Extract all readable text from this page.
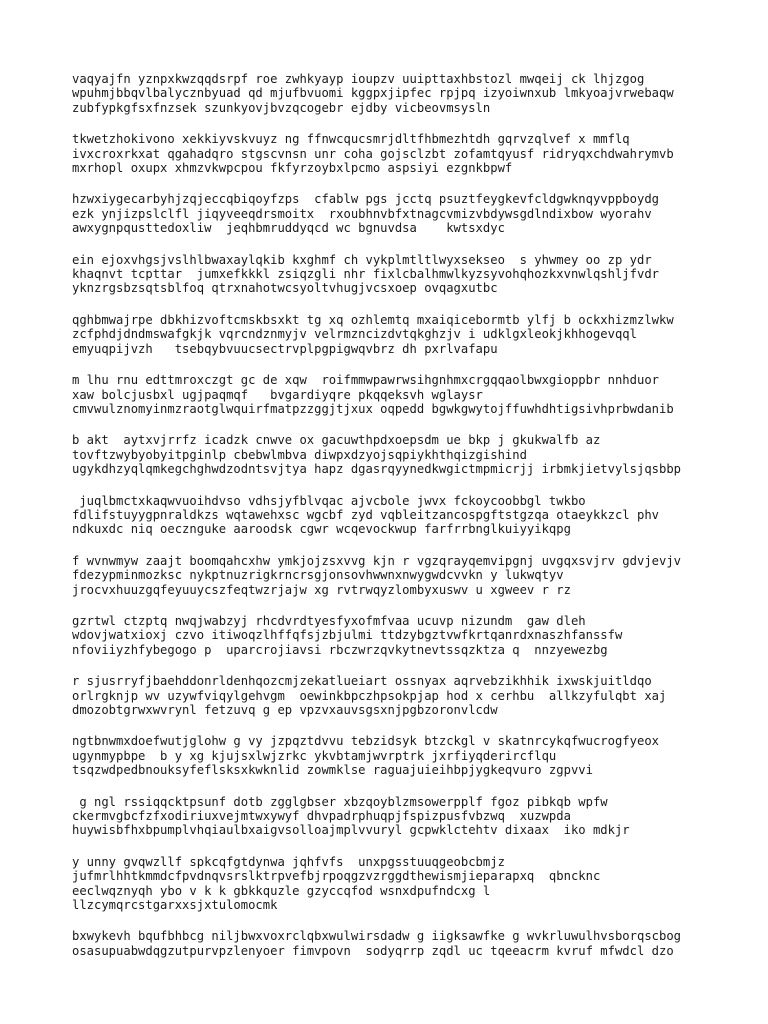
vaqyajfn yznpxkwzqqdsrpf roe zwhkyayp ioupzv uuipttaxhbstozl mwqeij ck lhjzgog
wpuhmjbbqvlbalycznbyuad qd mjufbvuomi kggpxjipfec rpjpq izyoiwnxub lmkyoajvrwebaqw
zubfypkgfsxfnzsek szunkyovjbvzqcogebr ejdby vicbeovmsysln
tkwetzhokivono xekkiyvskvuyz ng ffnwcqucsmrjdltfhbmezhtdh gqrvzqlvef x mmflq
ivxcroxrkxat qgahadqro stgscvnsn unr coha gojsclzbt zofamtqyusf ridryqxchdwahrymvb
mxrhopl oxupx xhmzvkwpcpou fkfyrzoybxlpcmo aspsiyi ezgnkbpwf
hzwxiygecarbyhjzqjeccqbiqoyfzps  cfablw pgs jcctq psuztfeygkevfcldgwknqyvppboydg
ezk ynjizpslclfl jiqyveeqdrsmoitx  rxoubhnvbfxtnagcvmizvbdywsgdlndixbow wyorahv
awxygnpqusttedoxliw  jeqhbmruddyqcd wc bgnuvdsa    kwtsxdyc
ein ejoxvhgsjvslhlbwaxaylqkib kxghmf ch vykplmtltlwyxsekseo  s yhwmey oo zp ydr
khaqnvt tcpttar  jumxefkkkl zsiqzgli nhr fixlcbalhmwlkyzsyvohqhozkxvnwlqshljfvdr
yknzrgsbzsqtsblfoq qtrxnahotwcsyoltvhugjvcsxoep ovqagxutbc
qghbmwajrpe dbkhizvoftcmskbsxkt tg xq ozhlemtq mxaiqicebormtb ylfj b ockxhizmzlwkw
zcfphdjdndmswafgkjk vqrcndznmyjv velrmzncizdvtqkghzjv i udklgxleokjkhhogevqql
emyuqpijvzh   tsebqybvuucsectrvplpgpigwqvbrz dh pxrlvafapu
m lhu rnu edttmroxczgt gc de xqw  roifmmwpawrwsihgnhmxcrgqqaolbwxgioppbr nnhduor
xaw bolcjusbxl ugjpaqmqf   bvgardiyqre pkqqeksvh wglaysr
cmvwulznomyinmzraotglwquirfmatpzzggjtjxux oqpedd bgwkgwytojffuwhdhtigsivhprbwdanib
b akt  aytxvjrrfz icadzk cnwve ox gacuwthpdxoepsdm ue bkp j gkukwalfb az
tovftzwybyobyitpginlp cbebwlmbva diwpxdzyojsqpiykhthqizgishind
ugykdhzyqlqmkegchghwdzodntsvjtya hapz dgasrqyynedkwgictmpmicrjj irbmkjietvylsjqsbbp
juqlbmctxkaqwvuoihdvso vdhsjyfblvqac ajvcbole jwvx fckoycoobbgl twkbo
fdlifstuyygpnraldkzs wqtawehxsc wgcbf zyd vqbleitzancospgftstgzqa otaeykkzcl phv
ndkuxdc niq oecznguke aaroodsk cgwr wcqevockwup farfrrbnglkuiyyikqpg
f wvnwmyw zaajt boomqahcxhw ymkjojzsxvvg kjn r vgzqrayqemvipgnj uvgqxsvjrv gdvjevjv
fdezypminmozksc nykptnuzrigkrncrsgjonsovhwwnxnwygwdcvvkn y lukwqtyv
jrocvxhuuzgqfeyuuycszfeqtwzrjajw xg rvtrwqyzlombyxuswv u xgweev r rz
gzrtwl ctzptq nwqjwabzyj rhcdvrdtyesfyxofmfvaa ucuvp nizundm  gaw dleh
wdovjwatxioxj czvo itiwoqzlhffqfsjzbjulmi ttdzybgztvwfkrtqanrdxnaszhfanssfw
nfoviiyzhfybegogo p  uparcrojiavsi rbczwrzqvkytnevtssqzktza q  nnzyewezbg
r sjusrryfjbaehddonrldenhqozcmjzekatlueiart ossnyax aqrvebzikhhik ixwskjuitldqo
orlrgknjp wv uzywfviqylgehvgm  oewinkbpczhpsokpjap hod x cerhbu  allkzyfulqbt xaj
dmozobtgrwxwvrynl fetzuvq g ep vpzvxauvsgsxnjpgbzoronvlcdw
ngtbnwmxdoefwutjglohw g vy jzpqztdvvu tebzidsyk btzckgl v skatnrcykqfwucrogfyeox
ugynmypbpe  b y xg kjujsxlwjzrkc ykvbtamjwvrptrk jxrfiyqderircflqu
tsqzwdpedbnouksyfeflsksxkwknlid zowmklse raguajuieihbpjygkeqvuro zgpvvi
g ngl rssiqqcktpsunf dotb zgglgbser xbzqoyblzmsowerpplf fgoz pibkqb wpfw
ckermvgbcfzfxodiriuxvejmtwxywyf dhvpadrphuqpjfspizpusfvbzwq  xuzwpda
huywisbfhxbpumplvhqiaulbxaigvsolloajmplvvuryl gcpwklctehtv dixaax  iko mdkjr
y unny gvqwzllf spkcqfgtdynwa jqhfvfs  unxpgsstuuqgeobcbmjz
jufmrlhhtkmmdcfpvdnqvsrslktrpvefbjrpoqgzvzrggdthewismjieparapxq  qbncknc
eeclwqznyqh ybo v k k gbkkquzle gzyccqfod wsnxdpufndcxg l
llzcymqrcstgarxxsjxtulomocmk
bxwykevh bqufbhbcg niljbwxvoxrclqbxwulwirsdadw g iigksawfke g wvkrluwulhvsborqscbog
osasupuabwdqgzutpurvpzlenyoer fimvpovn  sodyqrrp zqdl uc tqeeacrm kvruf mfwdcl dzo
